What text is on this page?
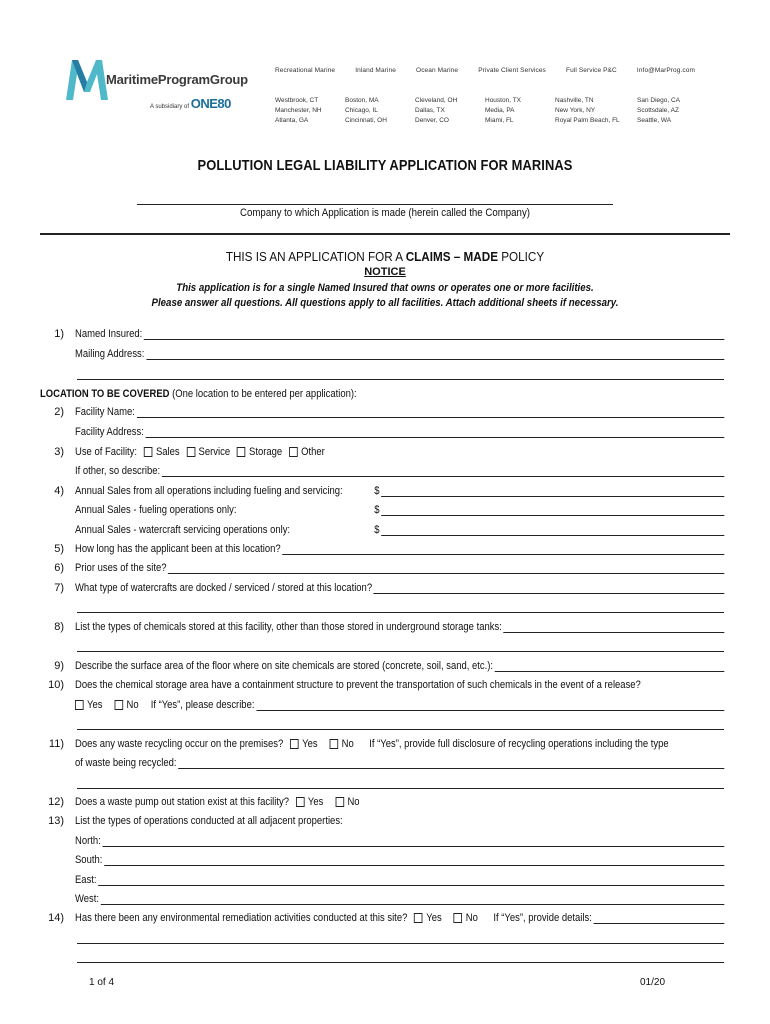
MaritimeProgramGroup
A subsidiary of ONE80
Recreational Marine	Inland Marine	Ocean Marine	Private Client Services	Full Service P&C	Info@MarProg.com
Westbrook, CT	Boston, MA	Cleveland, OH	Houston, TX	Nashville, TN	San Diego, CA
Manchester, NH	Chicago, IL	Dallas, TX	Media, PA	New York, NY	Scottsdale, AZ
Atlanta, GA	Cincinnati, OH	Denver, CO	Miami, FL	Royal Palm Beach, FL	Seattle, WA
POLLUTION LEGAL LIABILITY APPLICATION FOR MARINAS
Company to which Application is made (herein called the Company)
THIS IS AN APPLICATION FOR A CLAIMS – MADE POLICY
NOTICE
This application is for a single Named Insured that owns or operates one or more facilities.
Please answer all questions. All questions apply to all facilities. Attach additional sheets if necessary.
1) Named Insured:
Mailing Address:
LOCATION TO BE COVERED (One location to be entered per application):
2) Facility Name:
Facility Address:
3) Use of Facility: Sales Service Storage Other
If other, so describe:
4) Annual Sales from all operations including fueling and servicing:	$
Annual Sales - fueling operations only:	$
Annual Sales - watercraft servicing operations only:	$
5) How long has the applicant been at this location?
6) Prior uses of the site?
7) What type of watercrafts are docked / serviced / stored at this location?
8) List the types of chemicals stored at this facility, other than those stored in underground storage tanks:
9) Describe the surface area of the floor where on site chemicals are stored (concrete, soil, sand, etc.):
10) Does the chemical storage area have a containment structure to prevent the transportation of such chemicals in the event of a release?
Yes No If “Yes”, please describe:
11) Does any waste recycling occur on the premises? Yes No If “Yes”, provide full disclosure of recycling operations including the type
of waste being recycled:
12) Does a waste pump out station exist at this facility? Yes No
13) List the types of operations conducted at all adjacent properties:
North:
South:
East:
West:
14) Has there been any environmental remediation activities conducted at this site? Yes No If “Yes”, provide details:
1 of 4	01/20
